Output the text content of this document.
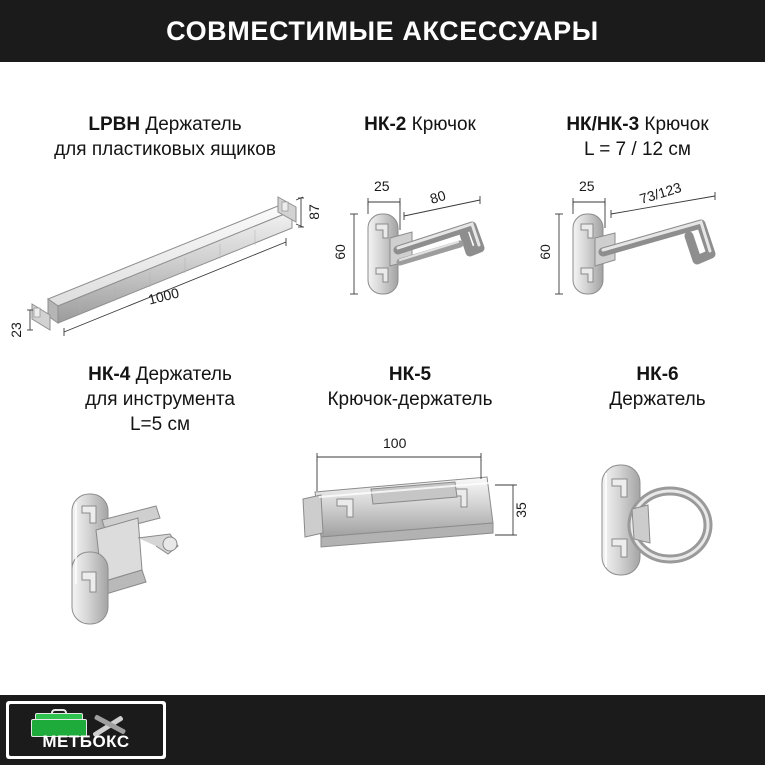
СОВМЕСТИМЫЕ АКСЕССУАРЫ
LPBH Держатель
для пластиковых ящиков
87
1000
23
НК-2 Крючок
25
80
60
НК/НК-3 Крючок
L = 7 / 12 см
25	73/123
60
НК-4 Держатель
для инструмента
L=5 см
НК-5
Крючок-держатель
100
35
НК-6
Держатель
МЕТБОКС
